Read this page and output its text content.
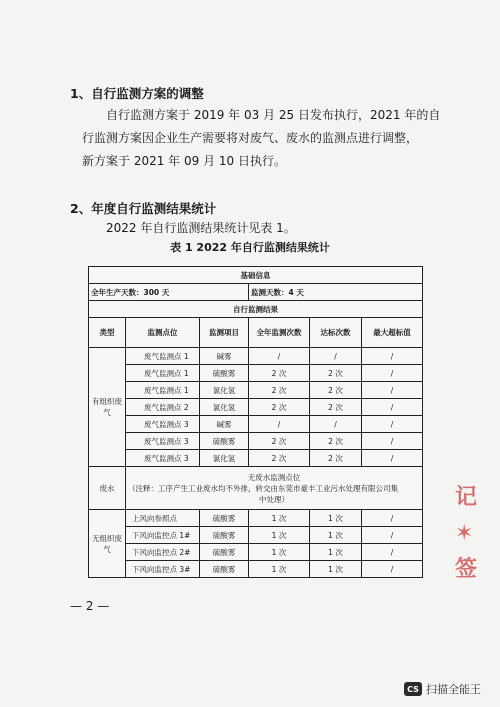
1、自行监测方案的调整
自行监测方案于 2019 年 03 月 25 日发布执行，2021 年的自
行监测方案因企业生产需要将对废气、废水的监测点进行调整，
新方案于 2021 年 09 月 10 日执行。
2、年度自行监测结果统计
2022 年自行监测结果统计见表 1。
表 1 2022 年自行监测结果统计
基础信息					
全年生产天数：300 天			监测天数：4 天		
自行监测结果					
类型	监测点位	监测项目	全年监测次数	达标次数	最大超标值
有组织废气	废气监测点 1	碱雾	/	/	/
	废气监测点 1	硫酸雾	2 次	2 次	/
	废气监测点 1	氯化氢	2 次	2 次	/
	废气监测点 2	氯化氢	2 次	2 次	/
	废气监测点 3	碱雾	/	/	/
	废气监测点 3	硫酸雾	2 次	2 次	/
	废气监测点 3	氯化氢	2 次	2 次	/
废水	无废水监测点位
（注释：工序产生工业废水均不外排，转交由东莞市豪丰工业污水处理有限公司集
中处理）				

无组织废气	上风向参照点	硫酸雾	1 次	1 次	/
	下风向监控点 1#	硫酸雾	1 次	1 次	/
	下风向监控点 2#	硫酸雾	1 次	1 次	/
	下风向监控点 3#	硫酸雾	1 次	1 次	/
— 2 —
记
✶
签
CS 扫描全能王
